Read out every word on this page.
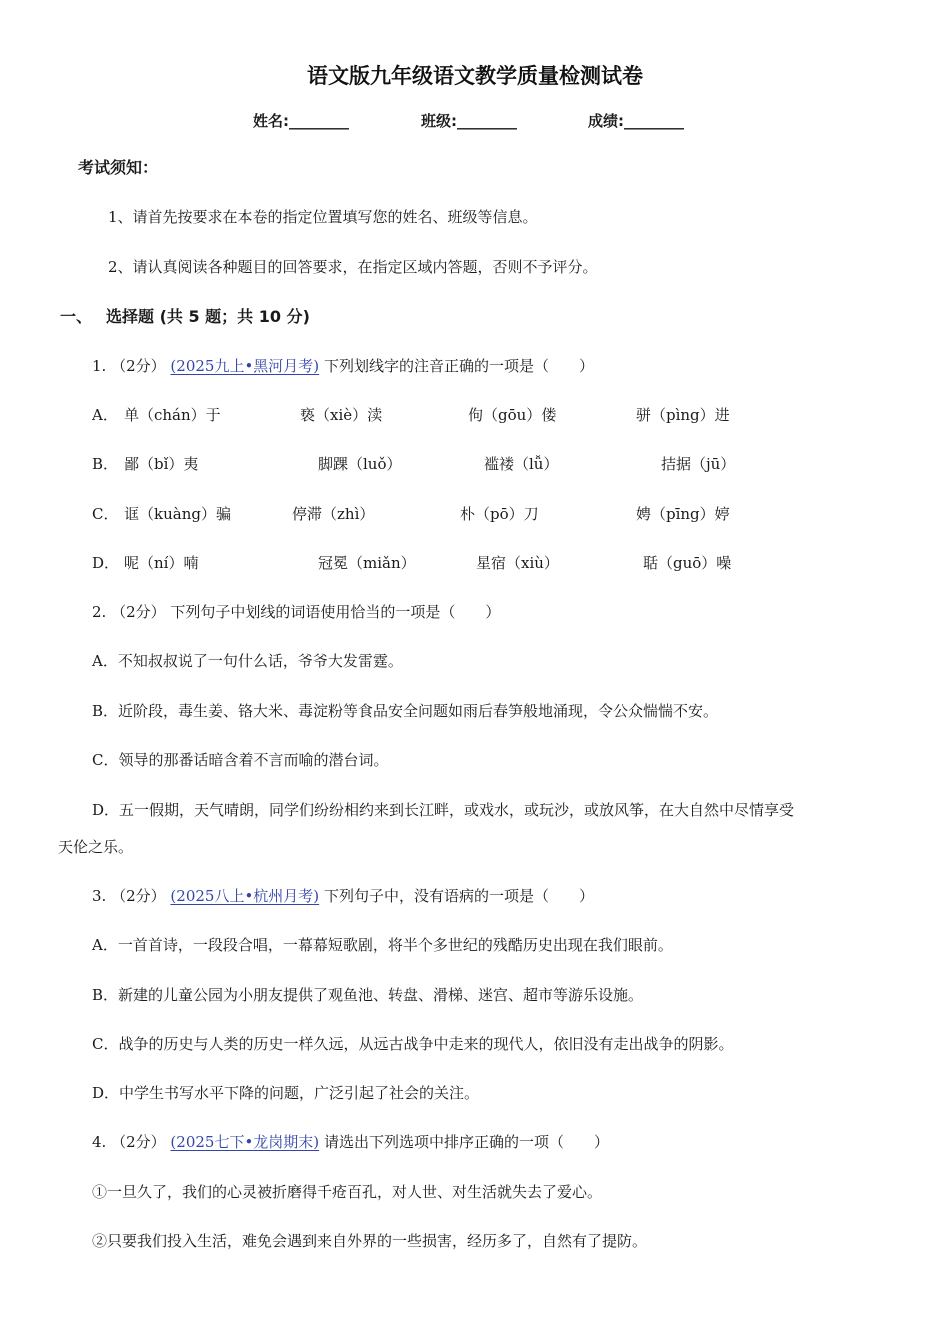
语文版九年级语文教学质量检测试卷
姓名:________	班级:________	成绩:________
考试须知：
1、请首先按要求在本卷的指定位置填写您的姓名、班级等信息。
2、请认真阅读各种题目的回答要求，在指定区域内答题，否则不予评分。
一、 选择题 (共 5 题；共 10 分)
1. （2分） (2025九上•黑河月考) 下列划线字的注音正确的一项是（　　）
A． 单（chán）于	亵（xiè）渎	佝（gōu）偻	骈（pìng）进
B． 鄙（bǐ）夷	脚踝（luǒ）	褴褛（lǚ）	拮据（jū）
C． 诓（kuàng）骗	停滞（zhì）	朴（pō）刀	娉（pīng）婷
D． 呢（ní）喃	冠冕（miǎn）	星宿（xiù）	聒（guō）噪
2. （2分） 下列句子中划线的词语使用恰当的一项是（　　）
A．不知叔叔说了一句什么话，爷爷大发雷霆。
B．近阶段，毒生姜、铬大米、毒淀粉等食品安全问题如雨后春笋般地涌现，令公众惴惴不安。
C．领导的那番话暗含着不言而喻的潜台词。
D．五一假期，天气晴朗，同学们纷纷相约来到长江畔，或戏水，或玩沙，或放风筝，在大自然中尽情享受
天伦之乐。
3. （2分） (2025八上•杭州月考) 下列句子中，没有语病的一项是（　　）
A．一首首诗，一段段合唱，一幕幕短歌剧，将半个多世纪的残酷历史出现在我们眼前。
B．新建的儿童公园为小朋友提供了观鱼池、转盘、滑梯、迷宫、超市等游乐设施。
C．战争的历史与人类的历史一样久远，从远古战争中走来的现代人，依旧没有走出战争的阴影。
D．中学生书写水平下降的问题，广泛引起了社会的关注。
4. （2分） (2025七下•龙岗期末) 请选出下列选项中排序正确的一项（　　）
①一旦久了，我们的心灵被折磨得千疮百孔，对人世、对生活就失去了爱心。
②只要我们投入生活，难免会遇到来自外界的一些损害，经历多了，自然有了提防。
